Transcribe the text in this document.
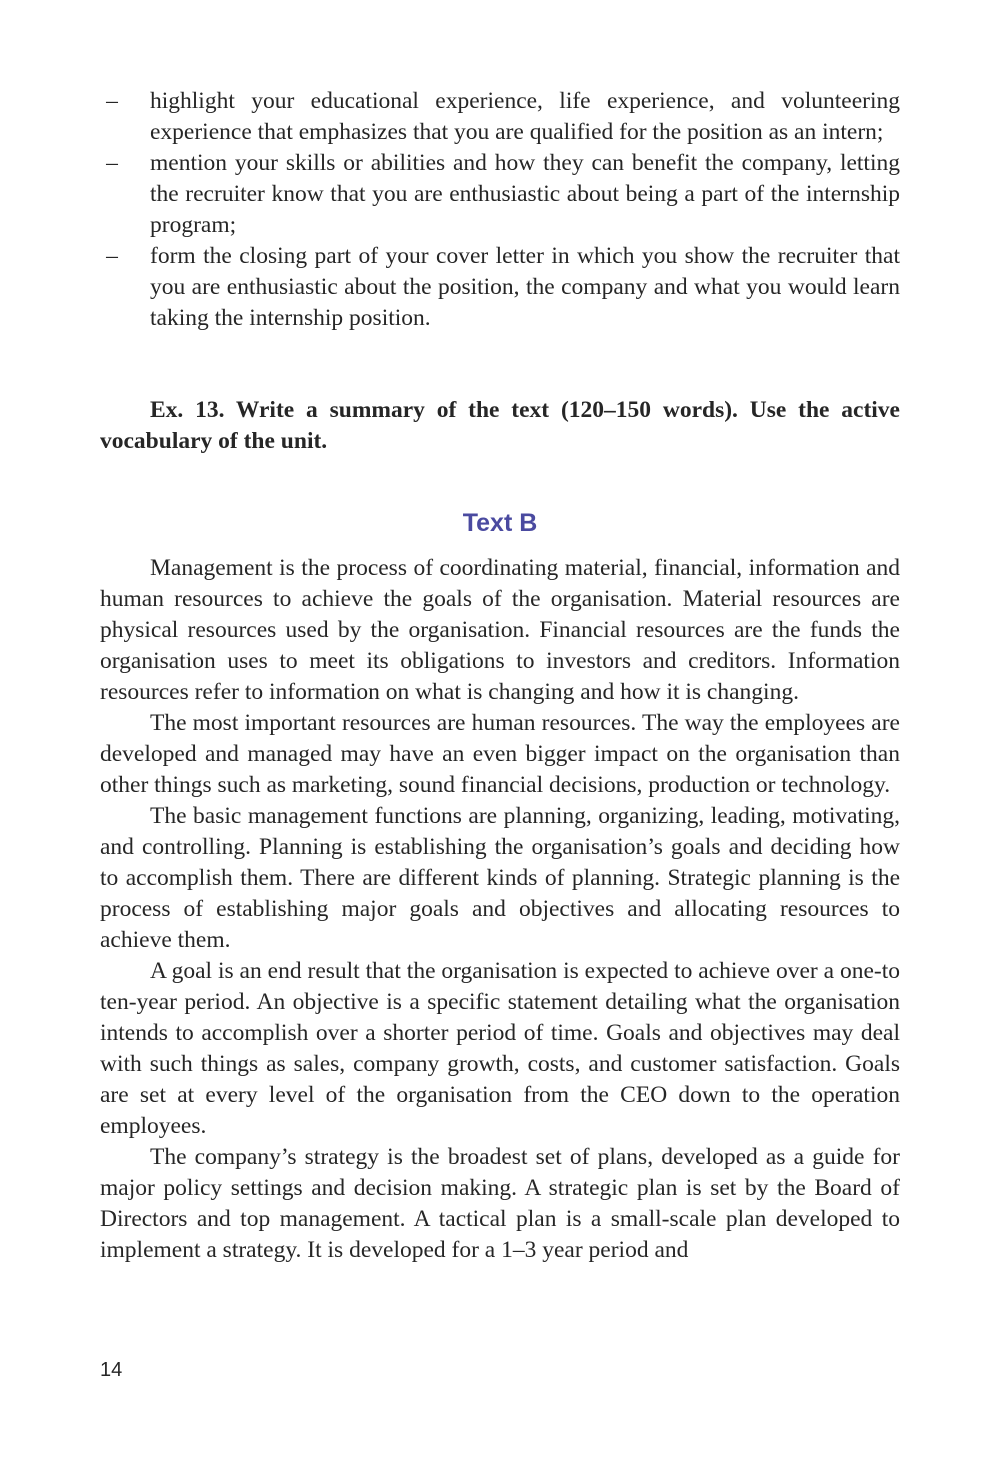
– highlight your educational experience, life experience, and volunteering experience that emphasizes that you are qualified for the position as an intern;
– mention your skills or abilities and how they can benefit the company, letting the recruiter know that you are enthusiastic about being a part of the internship program;
– form the closing part of your cover letter in which you show the recruiter that you are enthusiastic about the position, the company and what you would learn taking the internship position.

Ex. 13. Write a summary of the text (120–150 words). Use the active vocabulary of the unit.

Text B

Management is the process of coordinating material, financial, information and human resources to achieve the goals of the organisation. Material resources are physical resources used by the organisation. Financial resources are the funds the organisation uses to meet its obligations to investors and creditors. Information resources refer to information on what is changing and how it is changing.

The most important resources are human resources. The way the employees are developed and managed may have an even bigger impact on the organisation than other things such as marketing, sound financial decisions, production or technology.

The basic management functions are planning, organizing, leading, motivating, and controlling. Planning is establishing the organisation’s goals and deciding how to accomplish them. There are different kinds of planning. Strategic planning is the process of establishing major goals and objectives and allocating resources to achieve them.

A goal is an end result that the organisation is expected to achieve over a one-to ten-year period. An objective is a specific statement detailing what the organisation intends to accomplish over a shorter period of time. Goals and objectives may deal with such things as sales, company growth, costs, and customer satisfaction. Goals are set at every level of the organisation from the CEO down to the operation employees.

The company’s strategy is the broadest set of plans, developed as a guide for major policy settings and decision making. A strategic plan is set by the Board of Directors and top management. A tactical plan is a small-scale plan developed to implement a strategy. It is developed for a 1–3 year period and

14
